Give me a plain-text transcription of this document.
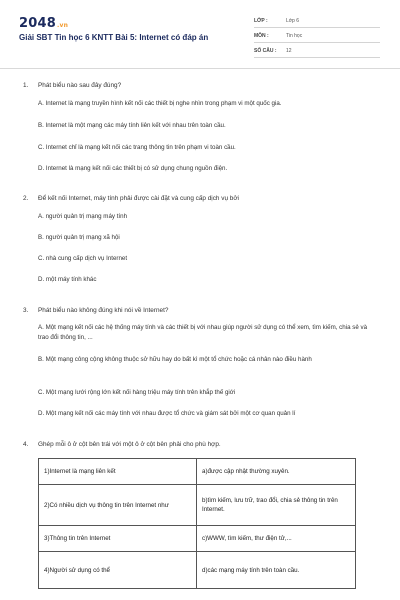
2048.vn
Giải SBT Tin học 6 KNTT Bài 5: Internet có đáp án
LỚP :	Lớp 6
MÔN :	Tin học
SỐ CÂU : 12
1. Phát biểu nào sau đây đúng?
A. Internet là mạng truyền hình kết nối các thiết bị nghe nhìn trong phạm vi một quốc gia.
B. Internet là một mạng các máy tính liên kết với nhau trên toàn cầu.
C. Internet chỉ là mạng kết nối các trang thông tin trên phạm vi toàn cầu.
D. Internet là mạng kết nối các thiết bị có sử dụng chung nguồn điện.
2. Để kết nối Internet, máy tính phải được cài đặt và cung cấp dịch vụ bởi
A. người quản trị mạng máy tính
B. người quản trị mạng xã hội
C. nhà cung cấp dịch vụ Internet
D. một máy tính khác
3. Phát biểu nào không đúng khi nói về Internet?
A. Một mạng kết nối các hệ thống máy tính và các thiết bị với nhau giúp người sử dụng có thể xem, tìm kiếm, chia sẻ và trao đổi thông tin, ...
B. Một mạng công cộng không thuộc sở hữu hay do bất kì một tổ chức hoặc cá nhân nào điều hành
C. Một mạng lưới rộng lớn kết nối hàng triệu máy tính trên khắp thế giới
D. Một mạng kết nối các máy tính với nhau được tổ chức và giám sát bởi một cơ quan quản lí
4. Ghép mỗi ô ở cột bên trái với một ô ở cột bên phải cho phù hợp.
1)Internet là mạng liên kết	a)được cập nhật thường xuyên.
2)Có nhiều dịch vụ thông tin trên Internet như	b)tìm kiếm, lưu trữ, trao đổi, chia sẻ thông tin trên Internet.
3)Thông tin trên Internet	c)WWW, tìm kiếm, thư điện tử,...
4)Người sử dụng có thể	d)các mạng máy tính trên toàn cầu.
